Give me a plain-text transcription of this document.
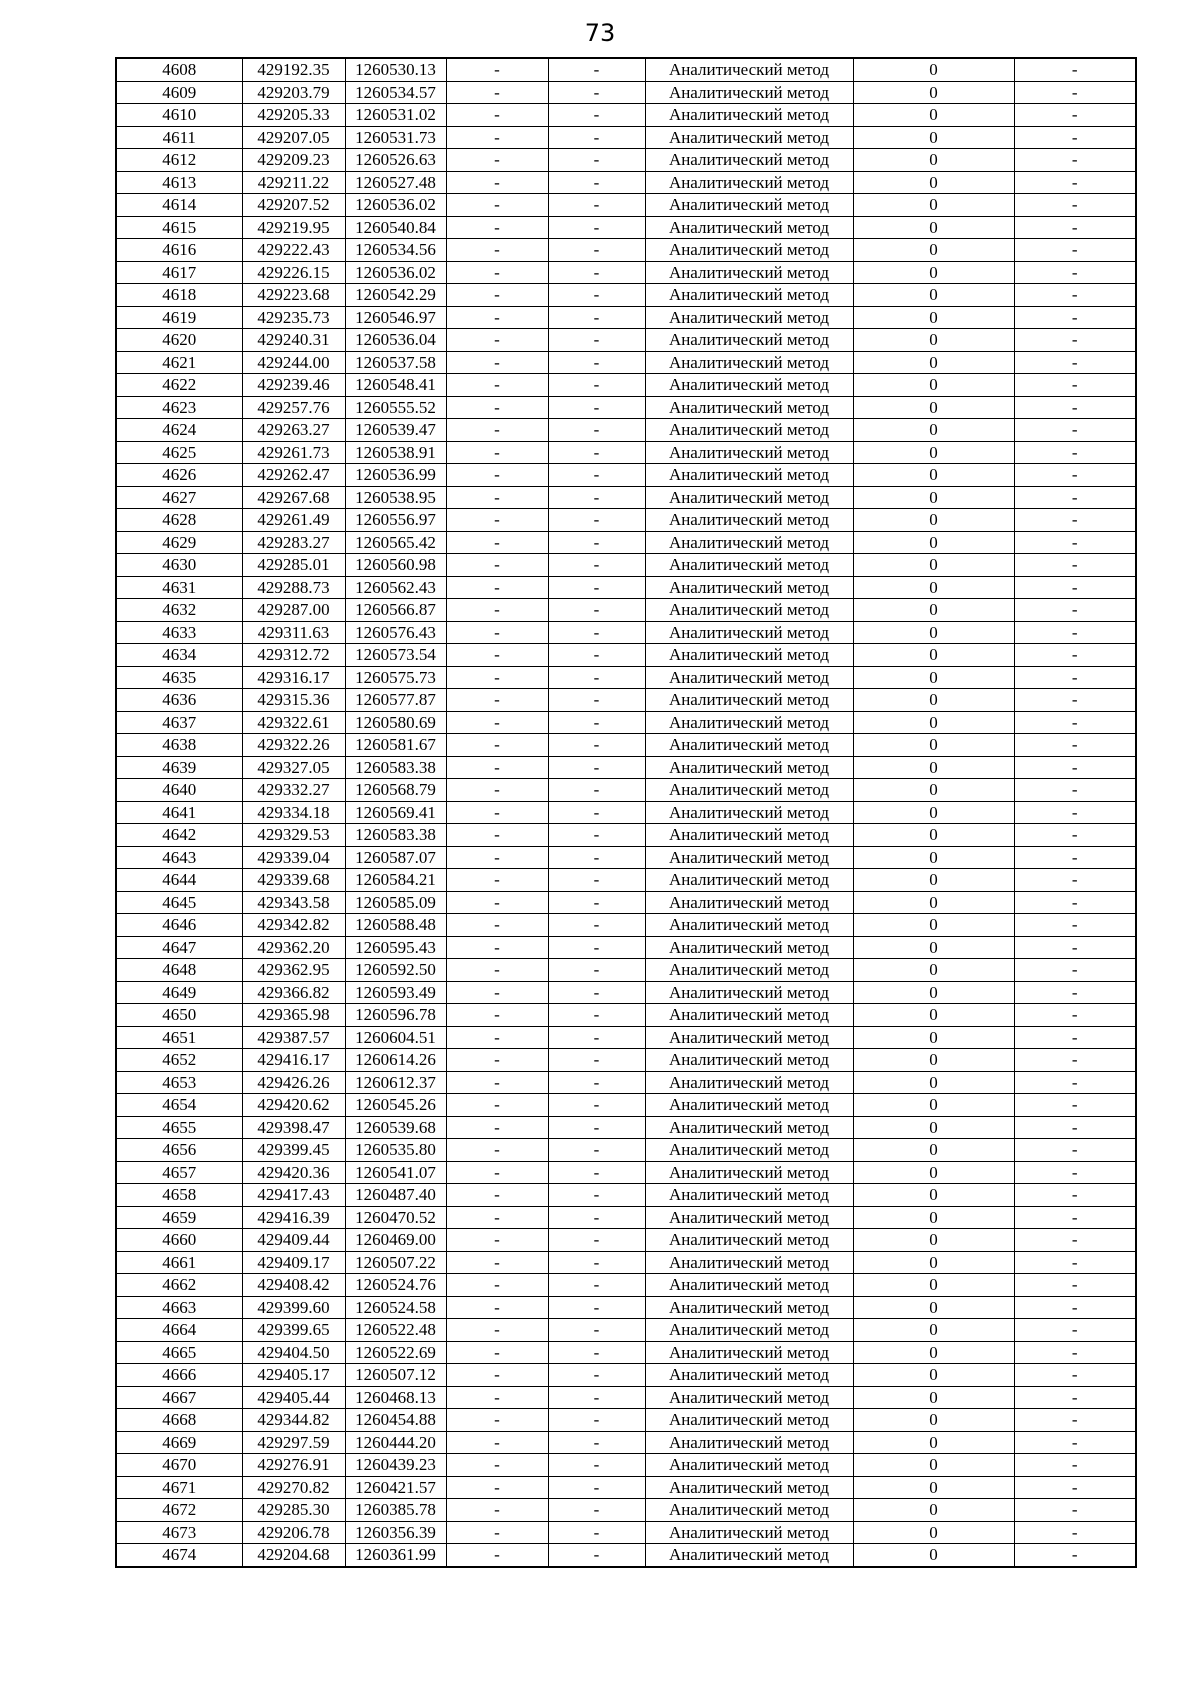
73
4608	429192.35	1260530.13	-	-	Аналитический метод	0	-
4609	429203.79	1260534.57	-	-	Аналитический метод	0	-
4610	429205.33	1260531.02	-	-	Аналитический метод	0	-
4611	429207.05	1260531.73	-	-	Аналитический метод	0	-
4612	429209.23	1260526.63	-	-	Аналитический метод	0	-
4613	429211.22	1260527.48	-	-	Аналитический метод	0	-
4614	429207.52	1260536.02	-	-	Аналитический метод	0	-
4615	429219.95	1260540.84	-	-	Аналитический метод	0	-
4616	429222.43	1260534.56	-	-	Аналитический метод	0	-
4617	429226.15	1260536.02	-	-	Аналитический метод	0	-
4618	429223.68	1260542.29	-	-	Аналитический метод	0	-
4619	429235.73	1260546.97	-	-	Аналитический метод	0	-
4620	429240.31	1260536.04	-	-	Аналитический метод	0	-
4621	429244.00	1260537.58	-	-	Аналитический метод	0	-
4622	429239.46	1260548.41	-	-	Аналитический метод	0	-
4623	429257.76	1260555.52	-	-	Аналитический метод	0	-
4624	429263.27	1260539.47	-	-	Аналитический метод	0	-
4625	429261.73	1260538.91	-	-	Аналитический метод	0	-
4626	429262.47	1260536.99	-	-	Аналитический метод	0	-
4627	429267.68	1260538.95	-	-	Аналитический метод	0	-
4628	429261.49	1260556.97	-	-	Аналитический метод	0	-
4629	429283.27	1260565.42	-	-	Аналитический метод	0	-
4630	429285.01	1260560.98	-	-	Аналитический метод	0	-
4631	429288.73	1260562.43	-	-	Аналитический метод	0	-
4632	429287.00	1260566.87	-	-	Аналитический метод	0	-
4633	429311.63	1260576.43	-	-	Аналитический метод	0	-
4634	429312.72	1260573.54	-	-	Аналитический метод	0	-
4635	429316.17	1260575.73	-	-	Аналитический метод	0	-
4636	429315.36	1260577.87	-	-	Аналитический метод	0	-
4637	429322.61	1260580.69	-	-	Аналитический метод	0	-
4638	429322.26	1260581.67	-	-	Аналитический метод	0	-
4639	429327.05	1260583.38	-	-	Аналитический метод	0	-
4640	429332.27	1260568.79	-	-	Аналитический метод	0	-
4641	429334.18	1260569.41	-	-	Аналитический метод	0	-
4642	429329.53	1260583.38	-	-	Аналитический метод	0	-
4643	429339.04	1260587.07	-	-	Аналитический метод	0	-
4644	429339.68	1260584.21	-	-	Аналитический метод	0	-
4645	429343.58	1260585.09	-	-	Аналитический метод	0	-
4646	429342.82	1260588.48	-	-	Аналитический метод	0	-
4647	429362.20	1260595.43	-	-	Аналитический метод	0	-
4648	429362.95	1260592.50	-	-	Аналитический метод	0	-
4649	429366.82	1260593.49	-	-	Аналитический метод	0	-
4650	429365.98	1260596.78	-	-	Аналитический метод	0	-
4651	429387.57	1260604.51	-	-	Аналитический метод	0	-
4652	429416.17	1260614.26	-	-	Аналитический метод	0	-
4653	429426.26	1260612.37	-	-	Аналитический метод	0	-
4654	429420.62	1260545.26	-	-	Аналитический метод	0	-
4655	429398.47	1260539.68	-	-	Аналитический метод	0	-
4656	429399.45	1260535.80	-	-	Аналитический метод	0	-
4657	429420.36	1260541.07	-	-	Аналитический метод	0	-
4658	429417.43	1260487.40	-	-	Аналитический метод	0	-
4659	429416.39	1260470.52	-	-	Аналитический метод	0	-
4660	429409.44	1260469.00	-	-	Аналитический метод	0	-
4661	429409.17	1260507.22	-	-	Аналитический метод	0	-
4662	429408.42	1260524.76	-	-	Аналитический метод	0	-
4663	429399.60	1260524.58	-	-	Аналитический метод	0	-
4664	429399.65	1260522.48	-	-	Аналитический метод	0	-
4665	429404.50	1260522.69	-	-	Аналитический метод	0	-
4666	429405.17	1260507.12	-	-	Аналитический метод	0	-
4667	429405.44	1260468.13	-	-	Аналитический метод	0	-
4668	429344.82	1260454.88	-	-	Аналитический метод	0	-
4669	429297.59	1260444.20	-	-	Аналитический метод	0	-
4670	429276.91	1260439.23	-	-	Аналитический метод	0	-
4671	429270.82	1260421.57	-	-	Аналитический метод	0	-
4672	429285.30	1260385.78	-	-	Аналитический метод	0	-
4673	429206.78	1260356.39	-	-	Аналитический метод	0	-
4674	429204.68	1260361.99	-	-	Аналитический метод	0	-
